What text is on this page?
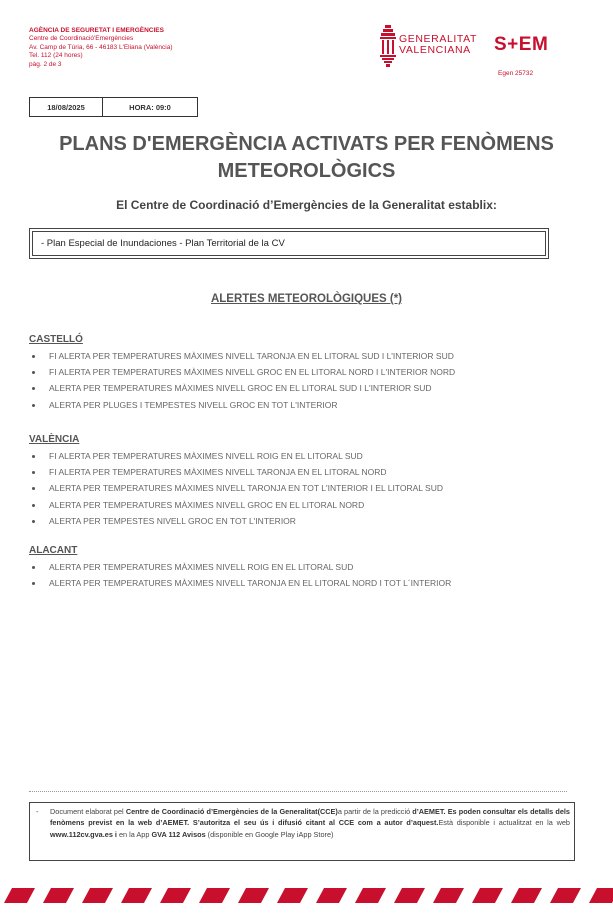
AGÈNCIA DE SEGURETAT I EMERGÈNCIES
Centre de Coordinació'Emergències
Av. Camp de Túria, 66 - 46183 L'Eliana (València)
Tel. 112 (24 hores)
pàg. 2 de 3
GENERALITAT
VALENCIANA	S+EM
Egen 25732
18/08/2025	HORA: 09:0
PLANS D'EMERGÈNCIA ACTIVATS PER FENÒMENS
METEOROLÒGICS
El Centre de Coordinació d’Emergències de la Generalitat establix:
- Plan Especial de Inundaciones - Plan Territorial de la CV
ALERTES METEOROLÒGIQUES (*)
CASTELLÓ
FI ALERTA PER TEMPERATURES MÀXIMES NIVELL TARONJA EN EL LITORAL SUD I L'INTERIOR SUD
FI ALERTA PER TEMPERATURES MÀXIMES NIVELL GROC EN EL LITORAL NORD I L'INTERIOR NORD
ALERTA PER TEMPERATURES MÀXIMES NIVELL GROC EN EL LITORAL SUD I L'INTERIOR SUD
ALERTA PER PLUGES I TEMPESTES NIVELL GROC EN TOT L'INTERIOR
VALÈNCIA
FI ALERTA PER TEMPERATURES MÀXIMES NIVELL ROIG EN EL LITORAL SUD
FI ALERTA PER TEMPERATURES MÀXIMES NIVELL TARONJA EN EL LITORAL NORD
ALERTA PER TEMPERATURES MÀXIMES NIVELL TARONJA EN TOT L'INTERIOR I EL LITORAL SUD
ALERTA PER TEMPERATURES MÀXIMES NIVELL GROC EN EL LITORAL NORD
ALERTA PER TEMPESTES NIVELL GROC EN TOT L'INTERIOR
ALACANT
ALERTA PER TEMPERATURES MÀXIMES NIVELL ROIG EN EL LITORAL SUD
ALERTA PER TEMPERATURES MÀXIMES NIVELL TARONJA EN EL LITORAL NORD I TOT L´INTERIOR
- Document elaborat pel Centre de Coordinació d’Emergències de la Generalitat(CCE)a partir de la predicció d’AEMET. Es poden consultar els detalls dels fenòmens previst en la web d’AEMET. S’autoritza el seu ús i difusió citant al CCE com a autor d’aquest.Està disponible i actualitzat en la web www.112cv.gva.es i en la App GVA 112 Avisos (disponible en Google Play iApp Store)
